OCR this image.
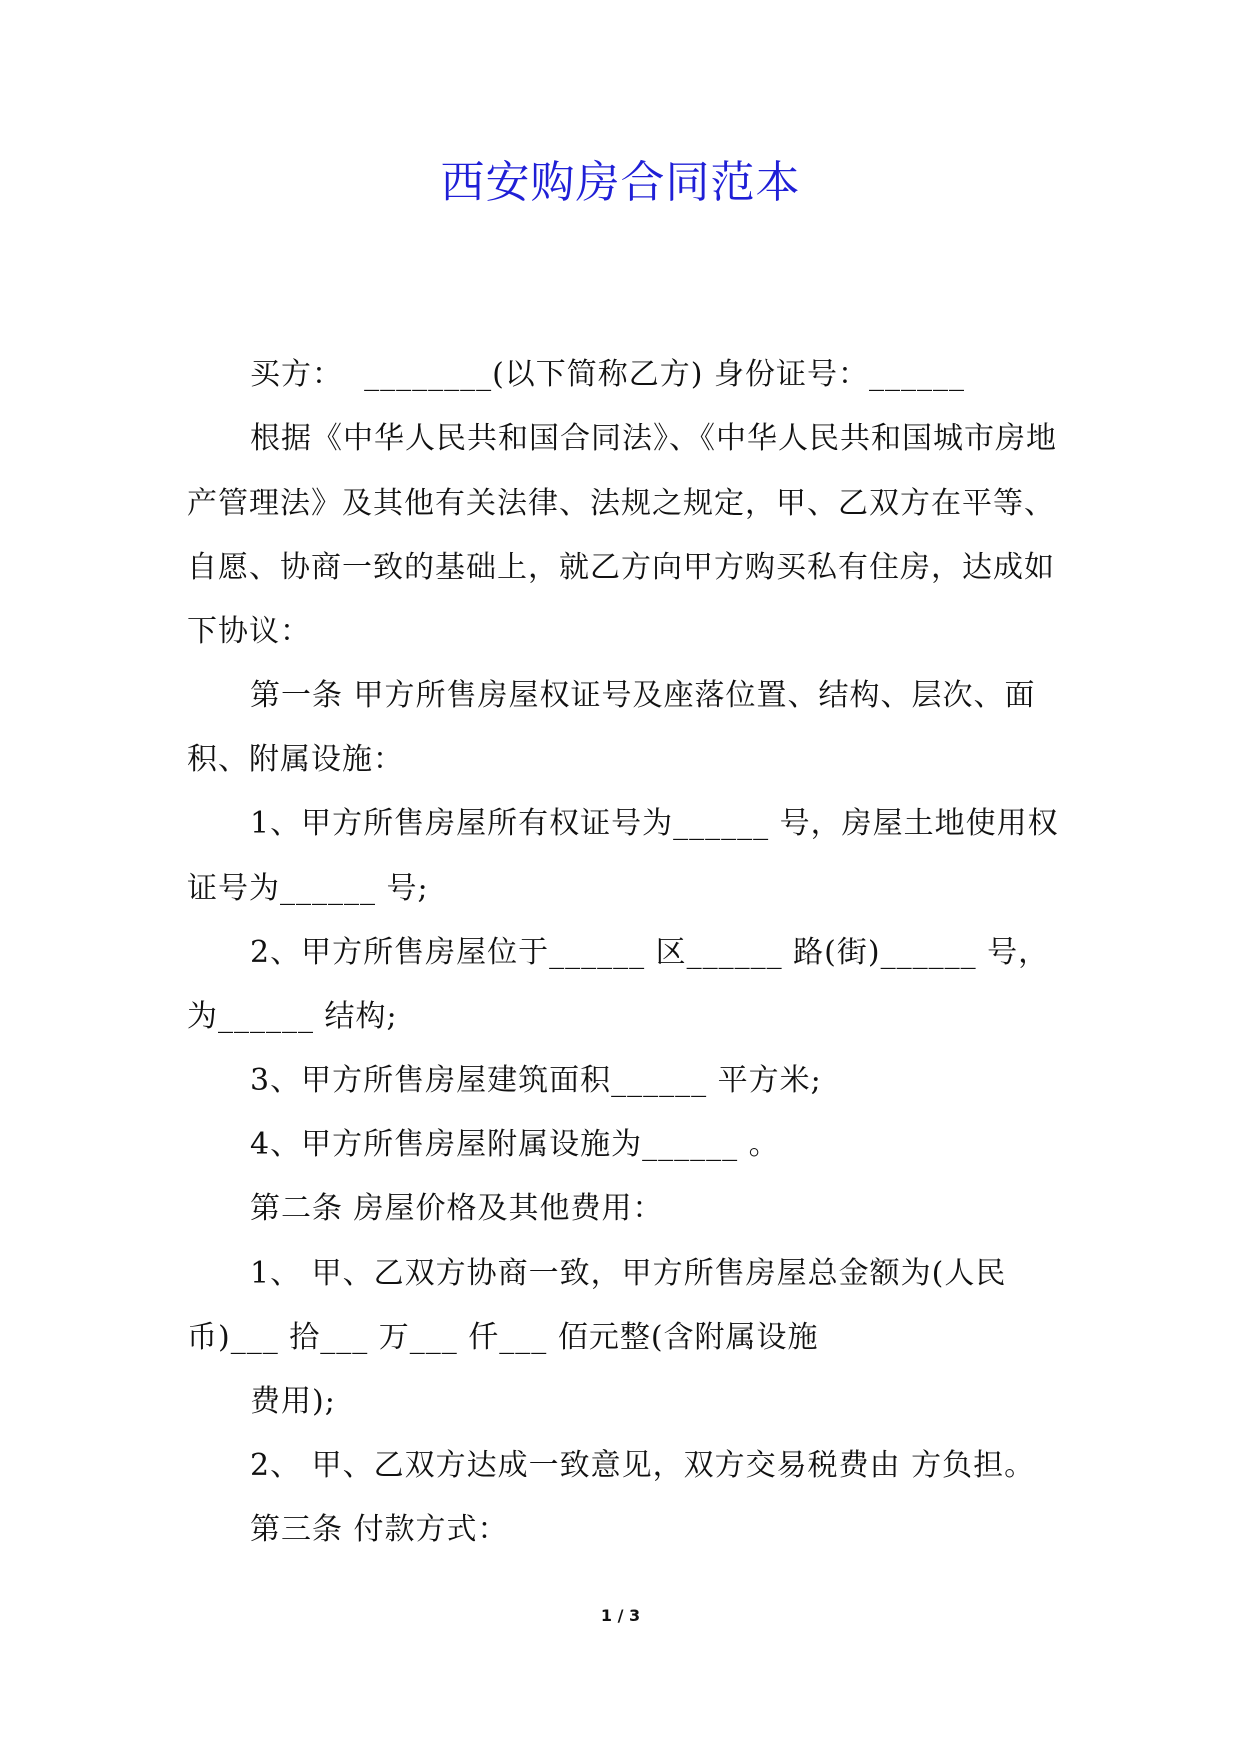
西安购房合同范本
买方：  ________(以下简称乙方) 身份证号：______
根据《中华人民共和国合同法》、《中华人民共和国城市房地
产管理法》及其他有关法律、法规之规定，甲、乙双方在平等、
自愿、协商一致的基础上，就乙方向甲方购买私有住房，达成如
下协议：
第一条 甲方所售房屋权证号及座落位置、结构、层次、面
积、附属设施：
1、甲方所售房屋所有权证号为______ 号，房屋土地使用权
证号为______ 号;
2、甲方所售房屋位于______ 区______ 路(街)______ 号，
为______ 结构;
3、甲方所售房屋建筑面积______ 平方米;
4、甲方所售房屋附属设施为______ 。
第二条 房屋价格及其他费用：
1、 甲、乙双方协商一致，甲方所售房屋总金额为(人民
币)___ 拾___ 万___ 仟___ 佰元整(含附属设施
费用);
2、 甲、乙双方达成一致意见，双方交易税费由 方负担。
第三条 付款方式：
1 / 3
